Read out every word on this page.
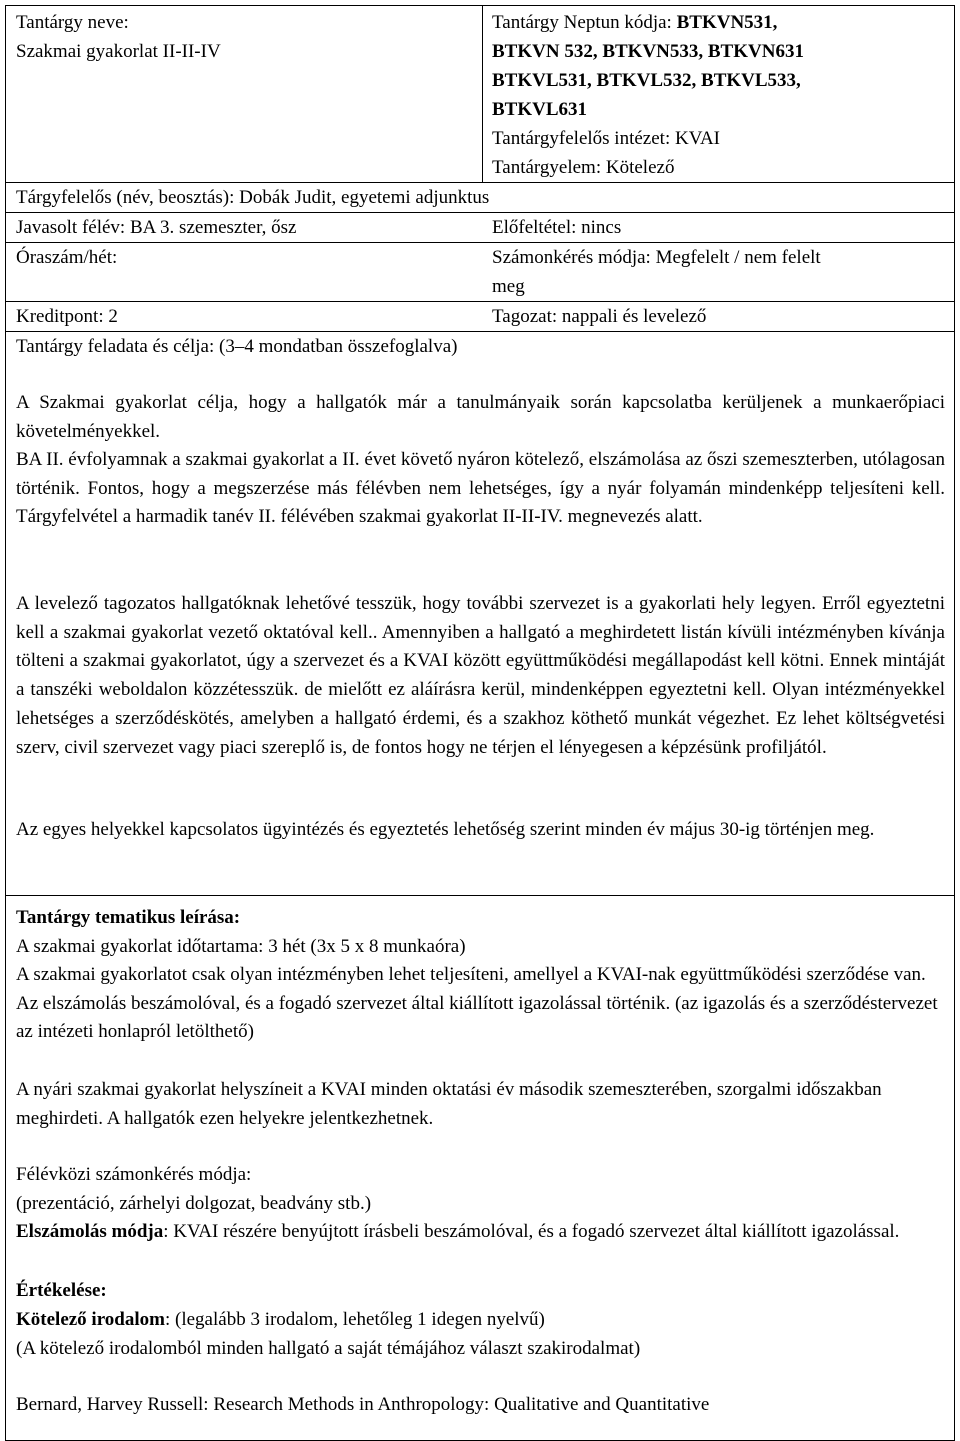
Tantárgy neve:
Szakmai gyakorlat II-II-IV
Tantárgy Neptun kódja: BTKVN531,
BTKVN 532, BTKVN533, BTKVN631
BTKVL531, BTKVL532, BTKVL533,
BTKVL631
Tantárgyfelelős intézet: KVAI
Tantárgyelem: Kötelező
Tárgyfelelős (név, beosztás): Dobák Judit, egyetemi adjunktus
Javasolt félév: BA 3. szemeszter, ősz	Előfeltétel: nincs
Óraszám/hét:	Számonkérés módja: Megfelelt / nem felelt
meg
Kreditpont: 2	Tagozat: nappali és levelező
Tantárgy feladata és célja: (3‒4 mondatban összefoglalva)
A Szakmai gyakorlat célja, hogy a hallgatók már a tanulmányaik során kapcsolatba kerüljenek a munkaerőpiaci követelményekkel.
BA II. évfolyamnak a szakmai gyakorlat a II. évet követő nyáron kötelező, elszámolása az őszi szemeszterben, utólagosan történik. Fontos, hogy a megszerzése más félévben nem lehetséges, így a nyár folyamán mindenképp teljesíteni kell. Tárgyfelvétel a harmadik tanév II. félévében szakmai gyakorlat II-II-IV. megnevezés alatt.
A levelező tagozatos hallgatóknak lehetővé tesszük, hogy további szervezet is a gyakorlati hely legyen. Erről egyeztetni kell a szakmai gyakorlat vezető oktatóval kell.. Amennyiben a hallgató a meghirdetett listán kívüli intézményben kívánja tölteni a szakmai gyakorlatot, úgy a szervezet és a KVAI között együttműködési megállapodást kell kötni. Ennek mintáját a tanszéki weboldalon közzétesszük. de mielőtt ez aláírásra kerül, mindenképpen egyeztetni kell. Olyan intézményekkel lehetséges a szerződéskötés, amelyben a hallgató érdemi, és a szakhoz köthető munkát végezhet. Ez lehet költségvetési szerv, civil szervezet vagy piaci szereplő is, de fontos hogy ne térjen el lényegesen a képzésünk profiljától.
Az egyes helyekkel kapcsolatos ügyintézés és egyeztetés lehetőség szerint minden év május 30-ig történjen meg.
Tantárgy tematikus leírása:
A szakmai gyakorlat időtartama: 3 hét (3x 5 x 8 munkaóra)
A szakmai gyakorlatot csak olyan intézményben lehet teljesíteni, amellyel a KVAI-nak együttműködési szerződése van. Az elszámolás beszámolóval, és a fogadó szervezet által kiállított igazolással történik. (az igazolás és a szerződéstervezet az intézeti honlapról letölthető)
A nyári szakmai gyakorlat helyszíneit a KVAI minden oktatási év második szemeszterében, szorgalmi időszakban meghirdeti. A hallgatók ezen helyekre jelentkezhetnek.
Félévközi számonkérés módja:
(prezentáció, zárhelyi dolgozat, beadvány stb.)
Elszámolás módja: KVAI részére benyújtott írásbeli beszámolóval, és a fogadó szervezet által kiállított igazolással.
Értékelése:
Kötelező irodalom: (legalább 3 irodalom, lehetőleg 1 idegen nyelvű)
(A kötelező irodalomból minden hallgató a saját témájához választ szakirodalmat)
Bernard, Harvey Russell: Research Methods in Anthropology: Qualitative and Quantitative
